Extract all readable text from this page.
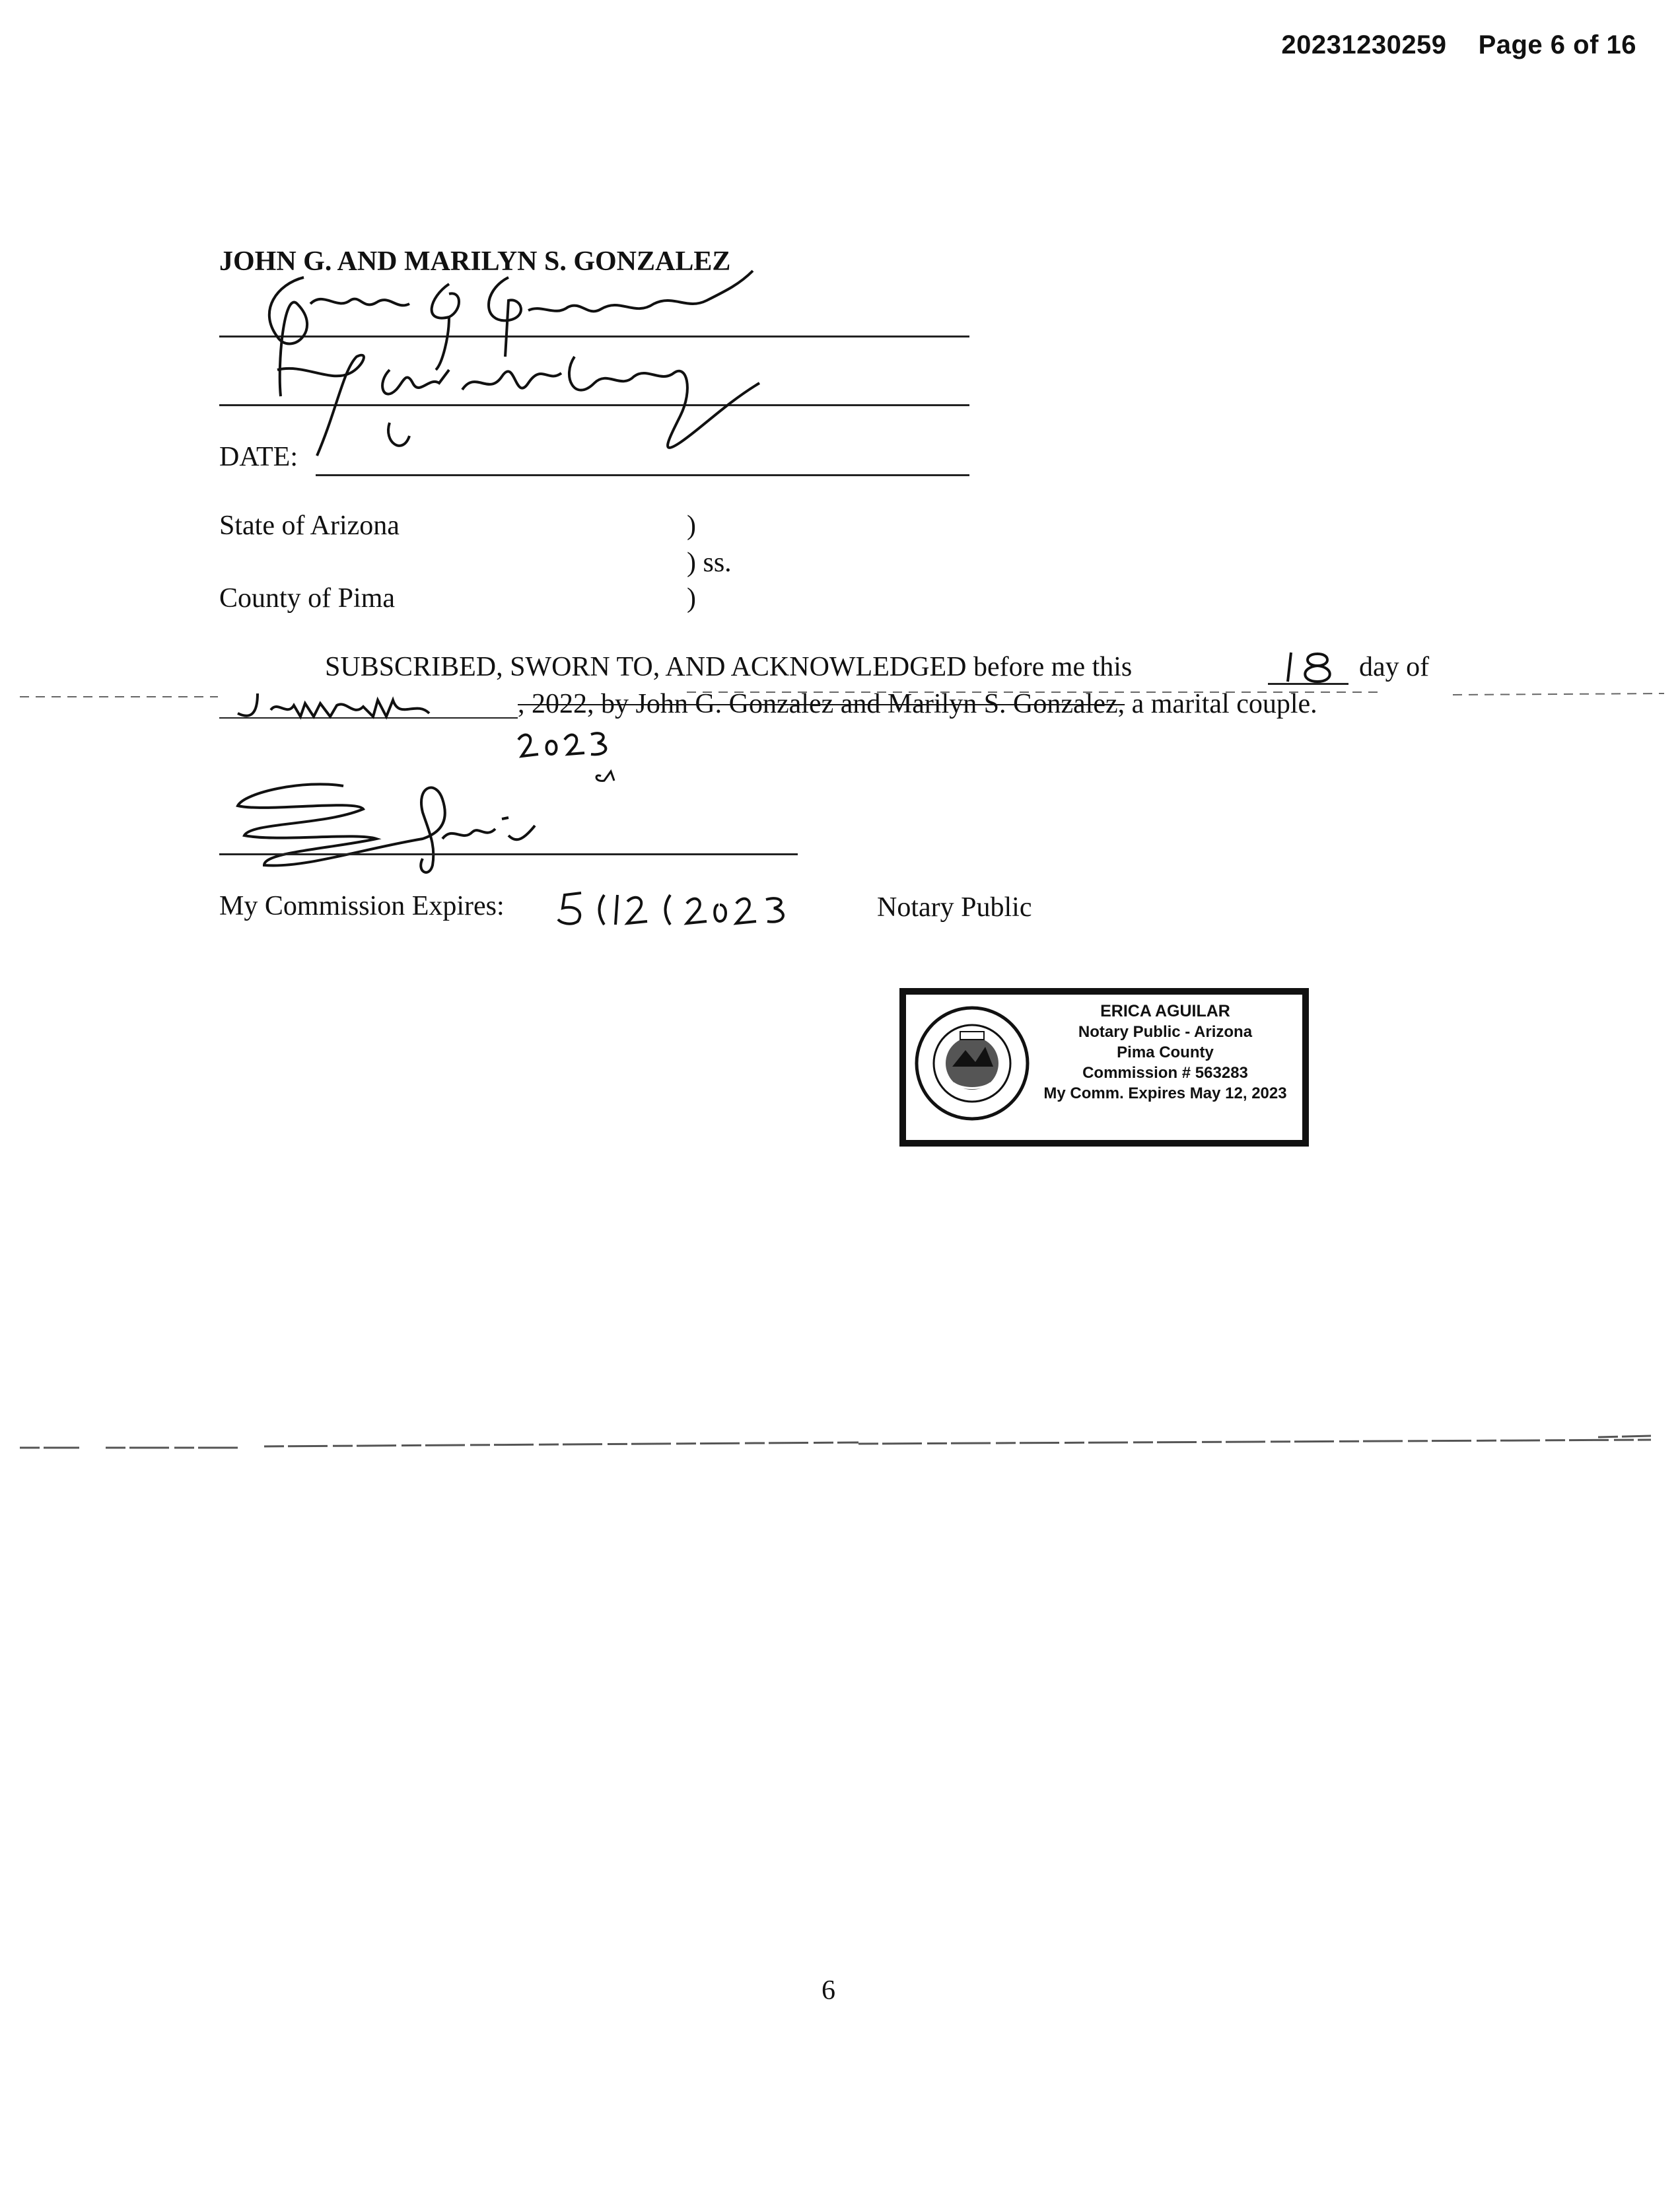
20231230259 Page 6 of 16
JOHN G. AND MARILYN S. GONZALEZ
DATE:
State of Arizona	)
) ss.
County of Pima	)
SUBSCRIBED, SWORN TO, AND ACKNOWLEDGED before me this	day of
, 2022, by John G. Gonzalez and Marilyn S. Gonzalez, a marital couple.
My Commission Expires:	Notary Public
ERICA AGUILAR
Notary Public - Arizona
Pima County
Commission # 563283
My Comm. Expires May 12, 2023
6
